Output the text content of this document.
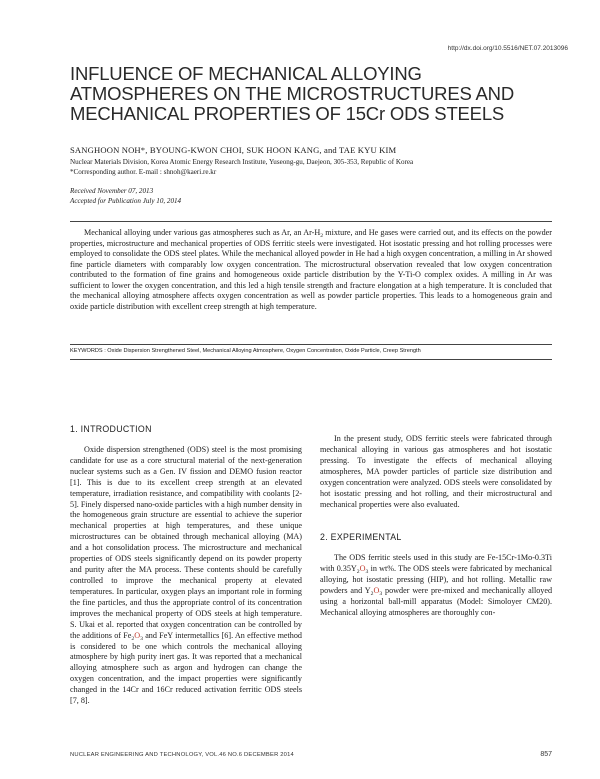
http://dx.doi.org/10.5516/NET.07.2013096
INFLUENCE OF MECHANICAL ALLOYING ATMOSPHERES ON THE MICROSTRUCTURES AND MECHANICAL PROPERTIES OF 15Cr ODS STEELS
SANGHOON NOH*, BYOUNG-KWON CHOI, SUK HOON KANG, and TAE KYU KIM
Nuclear Materials Division, Korea Atomic Energy Research Institute, Yuseong-gu, Daejeon, 305-353, Republic of Korea
*Corresponding author. E-mail : shnoh@kaeri.re.kr
Received November 07, 2013
Accepted for Publication July 10, 2014

Mechanical alloying under various gas atmospheres such as Ar, an $Ar-H_2$ mixture, and He gases were carried out, and its effects on the powder properties, microstructure and mechanical properties of ODS ferritic steels were investigated. Hot isostatic pressing and hot rolling processes were employed to consolidate the ODS steel plates. While the mechanical alloyed powder in He had a high oxygen concentration, a milling in Ar showed fine particle diameters with comparably low oxygen concentration. The microstructural observation revealed that low oxygen concentration contributed to the formation of fine grains and homogeneous oxide particle distribution by the Y-Ti-O complex oxides. A milling in Ar was sufficient to lower the oxygen concentration, and this led a high tensile strength and fracture elongation at a high temperature. It is concluded that the mechanical alloying atmosphere affects oxygen concentration as well as powder particle properties. This leads to a homogeneous grain and oxide particle distribution with excellent creep strength at high temperature.

KEYWORDS : Oxide Dispersion Strengthened Steel, Mechanical Alloying Atmosphere, Oxygen Concentration, Oxide Particle, Creep Strength
1. INTRODUCTION

Oxide dispersion strengthened (ODS) steel is the most promising candidate for use as a core structural material of the next-generation nuclear systems such as a Gen. IV fission and DEMO fusion reactor [1]. This is due to its excellent creep strength at an elevated temperature, irradiation resistance, and compatibility with coolants [2-5]. Finely dispersed nano-oxide particles with a high number density in the homogeneous grain structure are essential to achieve the superior mechanical properties at high temperatures, and these unique microstructures can be obtained through mechanical alloying (MA) and a hot consolidation process. The microstructure and mechanical properties of ODS steels significantly depend on its powder property and purity after the MA process. These contents should be carefully controlled to improve the mechanical property at elevated temperatures. In particular, oxygen plays an important role in forming the fine particles, and thus the appropriate control of its concentration improves the mechanical property of ODS steels at high temperature. S. Ukai et al. reported that oxygen concentration can be controlled by the additions of $Fe_2O_3$ and FeY intermetallics [6]. An effective method is considered to be one which controls the mechanical alloying atmosphere by high purity inert gas. It was reported that a mechanical alloying atmosphere such as argon and hydrogen can change the oxygen concentration, and the impact properties were significantly changed in the 14Cr and 16Cr reduced activation ferritic ODS steels [7, 8].

In the present study, ODS ferritic steels were fabricated through mechanical alloying in various gas atmospheres and hot isostatic pressing. To investigate the effects of mechanical alloying atmospheres, MA powder particles of particle size distribution and oxygen concentration were analyzed. ODS steels were consolidated by hot isostatic pressing and hot rolling, and their microstructural and mechanical properties were also evaluated.

2. EXPERIMENTAL

The ODS ferritic steels used in this study are Fe-15Cr-1Mo-0.3Ti with $0.35Y_2O_3$ in wt%. The ODS steels were fabricated by mechanical alloying, hot isostatic pressing (HIP), and hot rolling. Metallic raw powders and $Y_2O_3$ powder were pre-mixed and mechanically alloyed using a horizontal ball-mill apparatus (Model: Simoloyer CM20). Mechanical alloying atmospheres are thoroughly con-

NUCLEAR ENGINEERING AND TECHNOLOGY, VOL.46 NO.6 DECEMBER 2014	857
